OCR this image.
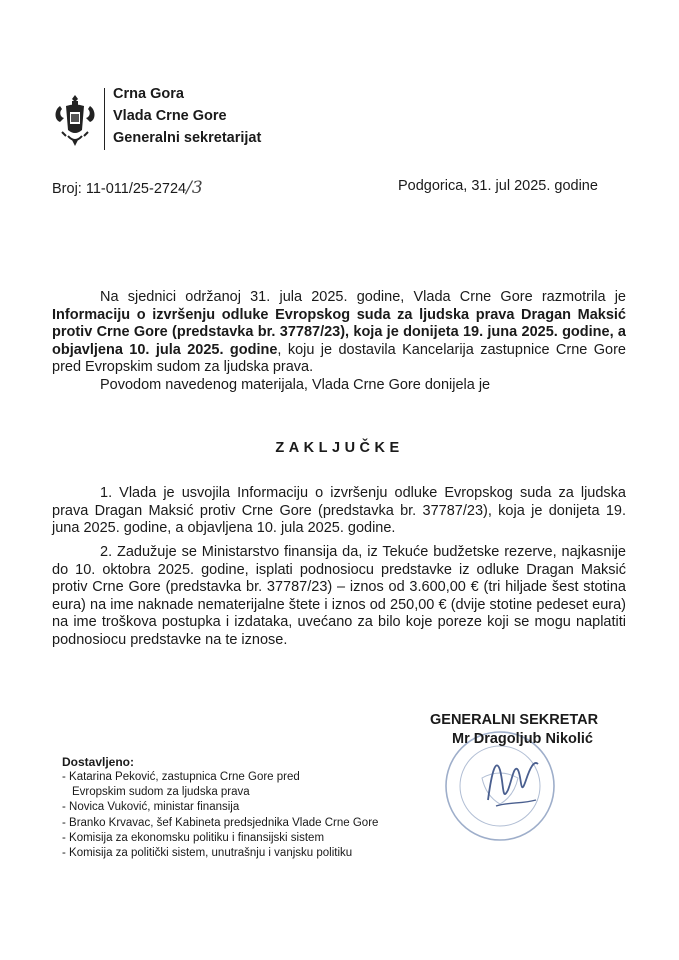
Crna Gora
Vlada Crne Gore
Generalni sekretarijat
Broj: 11-011/25-2724/3	Podgorica, 31. jul 2025. godine
Na sjednici održanoj 31. jula 2025. godine, Vlada Crne Gore razmotrila je Informaciju o izvršenju odluke Evropskog suda za ljudska prava Dragan Maksić protiv Crne Gore (predstavka br. 37787/23), koja je donijeta 19. juna 2025. godine, a objavljena 10. jula 2025. godine, koju je dostavila Kancelarija zastupnice Crne Gore pred Evropskim sudom za ljudska prava.
Povodom navedenog materijala, Vlada Crne Gore donijela je
ZAKLJUČKE
1. Vlada je usvojila Informaciju o izvršenju odluke Evropskog suda za ljudska prava Dragan Maksić protiv Crne Gore (predstavka br. 37787/23), koja je donijeta 19. juna 2025. godine, a objavljena 10. jula 2025. godine.
2. Zadužuje se Ministarstvo finansija da, iz Tekuće budžetske rezerve, najkasnije do 10. oktobra 2025. godine, isplati podnosiocu predstavke iz odluke Dragan Maksić protiv Crne Gore (predstavka br. 37787/23) – iznos od 3.600,00 € (tri hiljade šest stotina eura) na ime naknade nematerijalne štete i iznos od 250,00 € (dvije stotine pedeset eura) na ime troškova postupka i izdataka, uvećano za bilo koje poreze koji se mogu naplatiti podnosiocu predstavke na te iznose.
GENERALNI SEKRETAR
Mr Dragoljub Nikolić
Dostavljeno:
- Katarina Peković, zastupnica Crne Gore pred
Evropskim sudom za ljudska prava
- Novica Vuković, ministar finansija
- Branko Krvavac, šef Kabineta predsjednika Vlade Crne Gore
- Komisija za ekonomsku politiku i finansijski sistem
- Komisija za politički sistem, unutrašnju i vanjsku politiku
